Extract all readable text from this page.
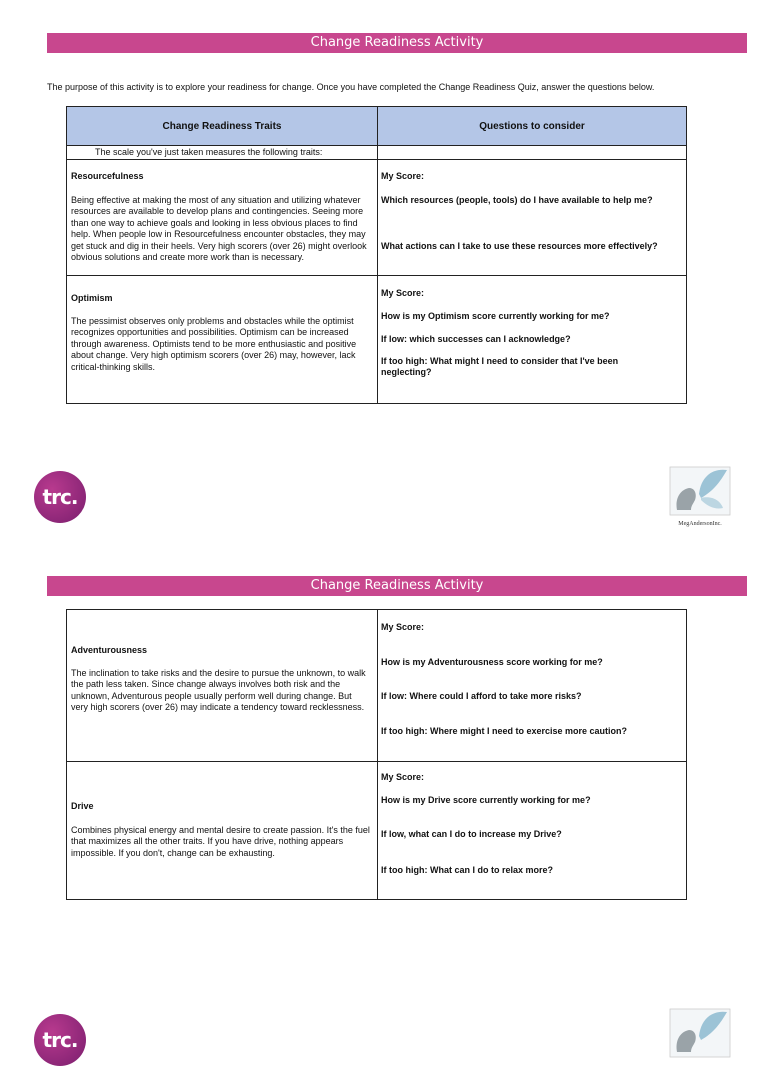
Change Readiness Activity
The purpose of this activity is to explore your readiness for change. Once you have completed the Change Readiness Quiz, answer the questions below.
Change Readiness Traits	Questions to consider
The scale you've just taken measures the following traits:
Resourcefulness
Being effective at making the most of any situation and utilizing whatever resources are available to develop plans and contingencies. Seeing more than one way to achieve goals and looking in less obvious places to find help. When people low in Resourcefulness encounter obstacles, they may get stuck and dig in their heels. Very high scorers (over 26) might overlook obvious solutions and create more work than is necessary.
My Score:
Which resources (people, tools) do I have available to help me?
What actions can I take to use these resources more effectively?
Optimism
The pessimist observes only problems and obstacles while the optimist recognizes opportunities and possibilities. Optimism can be increased through awareness. Optimists tend to be more enthusiastic and positive about change. Very high optimism scorers (over 26) may, however, lack critical-thinking skills.
My Score:
How is my Optimism score currently working for me?
If low: which successes can I acknowledge?
If too high: What might I need to consider that I've been neglecting?
trc.
MegAndersonInc.
Change Readiness Activity
Adventurousness
The inclination to take risks and the desire to pursue the unknown, to walk the path less taken. Since change always involves both risk and the unknown, Adventurous people usually perform well during change. But very high scorers (over 26) may indicate a tendency toward recklessness.
My Score:
How is my Adventurousness score working for me?
If low: Where could I afford to take more risks?
If too high: Where might I need to exercise more caution?
Drive
Combines physical energy and mental desire to create passion. It's the fuel that maximizes all the other traits. If you have drive, nothing appears impossible. If you don't, change can be exhausting.
My Score:
How is my Drive score currently working for me?
If low, what can I do to increase my Drive?
If too high: What can I do to relax more?
trc.
